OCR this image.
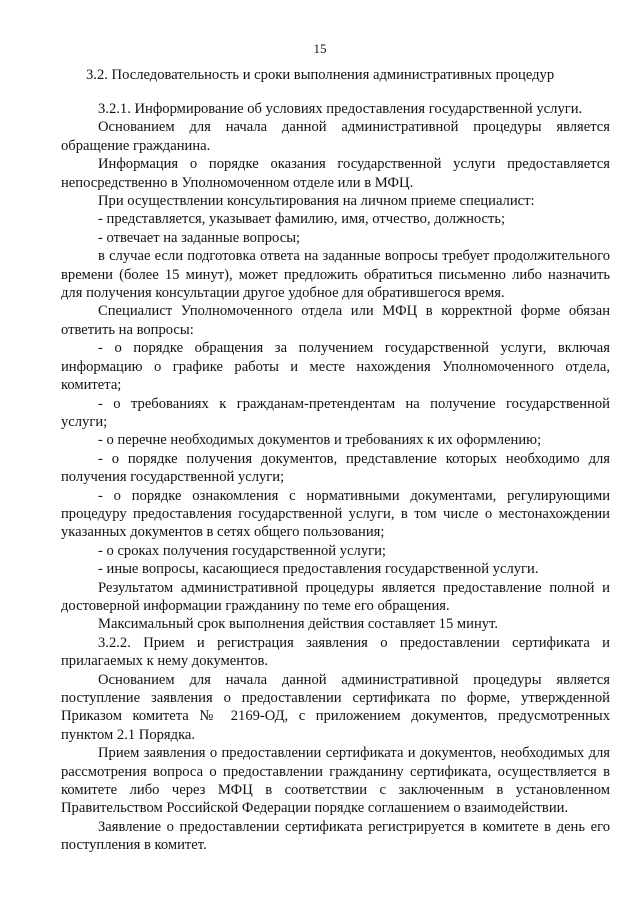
15
3.2. Последовательность и сроки выполнения административных процедур

3.2.1. Информирование об условиях предоставления государственной услуги.

Основанием для начала данной административной процедуры является обращение гражданина.

Информация о порядке оказания государственной услуги предоставляется непосредственно в Уполномоченном отделе или в МФЦ.

При осуществлении консультирования на личном приеме специалист:

- представляется, указывает фамилию, имя, отчество, должность;

- отвечает на заданные вопросы;

в случае если подготовка ответа на заданные вопросы требует продолжительного времени (более 15 минут), может предложить обратиться письменно либо назначить для получения консультации другое удобное для обратившегося время.

Специалист Уполномоченного отдела или МФЦ в корректной форме обязан ответить на вопросы:

- о порядке обращения за получением государственной услуги, включая информацию о графике работы и месте нахождения Уполномоченного отдела, комитета;

- о требованиях к гражданам-претендентам на получение государственной услуги;

- о перечне необходимых документов и требованиях к их оформлению;

- о порядке получения документов, представление которых необходимо для получения государственной услуги;

- о порядке ознакомления с нормативными документами, регулирующими процедуру предоставления государственной услуги, в том числе о местонахождении указанных документов в сетях общего пользования;

- о сроках получения государственной услуги;

- иные вопросы, касающиеся предоставления государственной услуги.

Результатом административной процедуры является предоставление полной и достоверной информации гражданину по теме его обращения.

Максимальный срок выполнения действия составляет 15 минут.

3.2.2. Прием и регистрация заявления о предоставлении сертификата и прилагаемых к нему документов.

Основанием для начала данной административной процедуры является поступление заявления о предоставлении сертификата по форме, утвержденной Приказом комитета № 2169-ОД, с приложением документов, предусмотренных пунктом 2.1 Порядка.

Прием заявления о предоставлении сертификата и документов, необходимых для рассмотрения вопроса о предоставлении гражданину сертификата, осуществляется в комитете либо через МФЦ в соответствии с заключенным в установленном Правительством Российской Федерации порядке соглашением о взаимодействии.

Заявление о предоставлении сертификата регистрируется в комитете в день его поступления в комитет.
